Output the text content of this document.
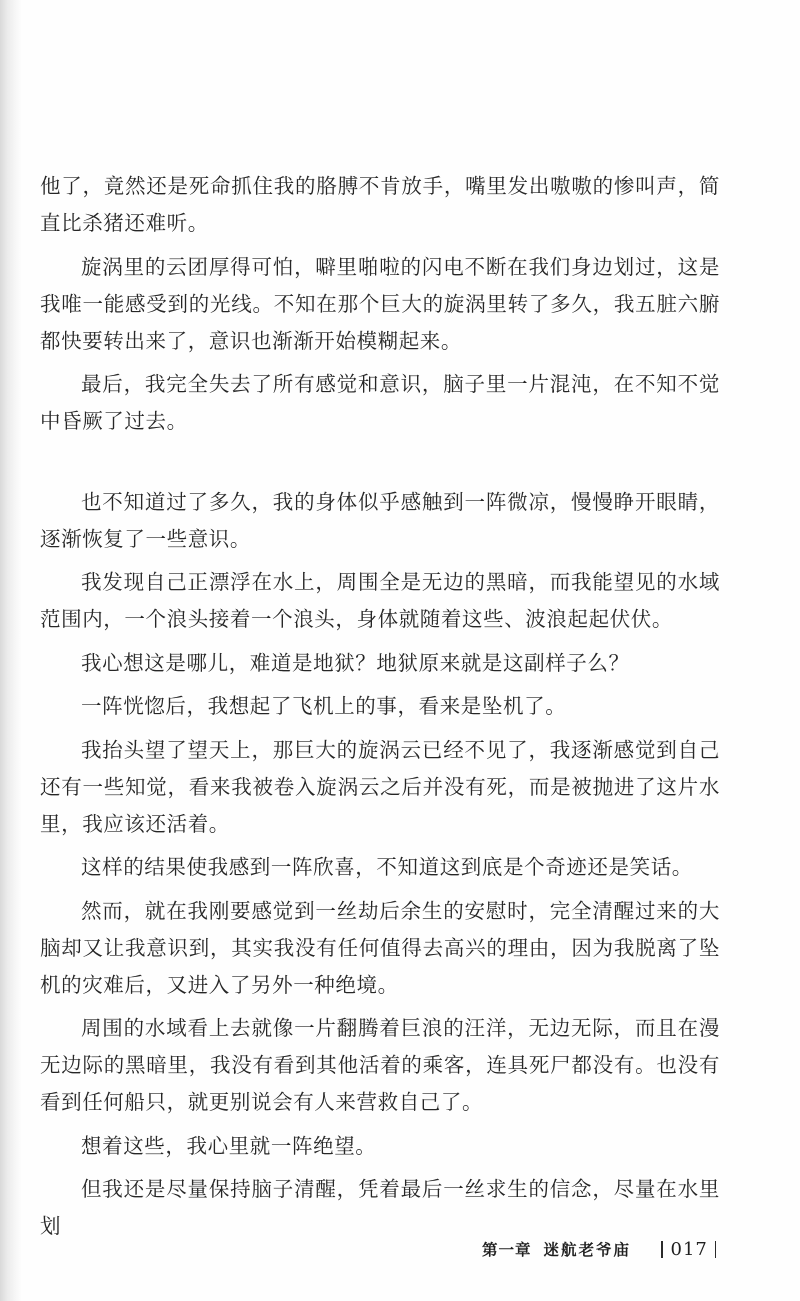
他了，竟然还是死命抓住我的胳膊不肯放手，嘴里发出嗷嗷的惨叫声，简直比杀猪还难听。

旋涡里的云团厚得可怕，噼里啪啦的闪电不断在我们身边划过，这是我唯一能感受到的光线。不知在那个巨大的旋涡里转了多久，我五脏六腑都快要转出来了，意识也渐渐开始模糊起来。

最后，我完全失去了所有感觉和意识，脑子里一片混沌，在不知不觉中昏厥了过去。

也不知道过了多久，我的身体似乎感触到一阵微凉，慢慢睁开眼睛，逐渐恢复了一些意识。

我发现自己正漂浮在水上，周围全是无边的黑暗，而我能望见的水域范围内，一个浪头接着一个浪头，身体就随着这些、波浪起起伏伏。

我心想这是哪儿，难道是地狱？地狱原来就是这副样子么？

一阵恍惚后，我想起了飞机上的事，看来是坠机了。

我抬头望了望天上，那巨大的旋涡云已经不见了，我逐渐感觉到自己还有一些知觉，看来我被卷入旋涡云之后并没有死，而是被抛进了这片水里，我应该还活着。

这样的结果使我感到一阵欣喜，不知道这到底是个奇迹还是笑话。

然而，就在我刚要感觉到一丝劫后余生的安慰时，完全清醒过来的大脑却又让我意识到，其实我没有任何值得去高兴的理由，因为我脱离了坠机的灾难后，又进入了另外一种绝境。

周围的水域看上去就像一片翻腾着巨浪的汪洋，无边无际，而且在漫无边际的黑暗里，我没有看到其他活着的乘客，连具死尸都没有。也没有看到任何船只，就更别说会有人来营救自己了。

想着这些，我心里就一阵绝望。

但我还是尽量保持脑子清醒，凭着最后一丝求生的信念，尽量在水里划

第一章 迷航老爷庙 017
